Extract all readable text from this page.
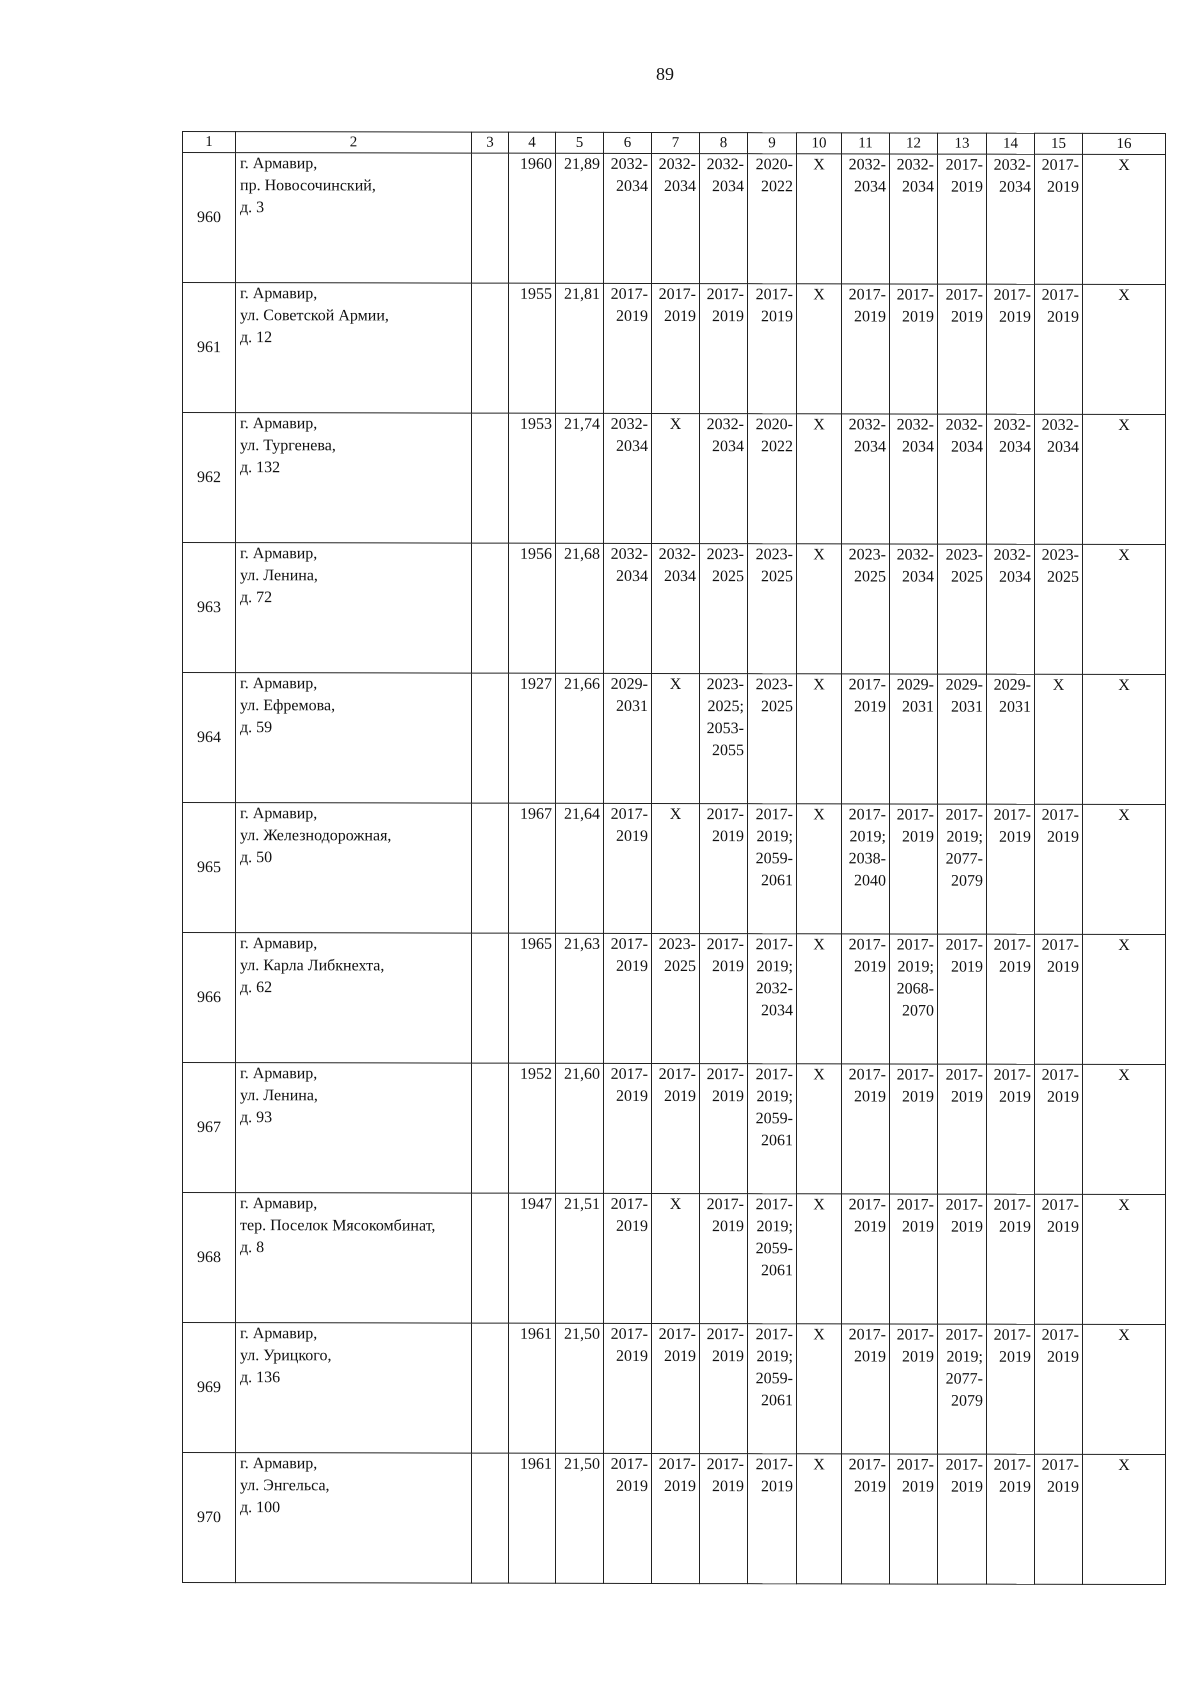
89
1	2	3	4	5	6	7	8	9	10	11	12	13	14	15	16
960	г. Армавир,
пр. Новосочинский,
д. 3		1960	21,89	2032-
2034	2032-
2034	2032-
2034	2020-
2022	Х	2032-
2034	2032-
2034	2017-
2019	2032-
2034	2017-
2019	Х

961	г. Армавир,
ул. Советской Армии,
д. 12		1955	21,81	2017-
2019	2017-
2019	2017-
2019	2017-
2019	Х	2017-
2019	2017-
2019	2017-
2019	2017-
2019	2017-
2019	Х

962	г. Армавир,
ул. Тургенева,
д. 132		1953	21,74	2032-
2034	Х	2032-
2034	2020-
2022	Х	2032-
2034	2032-
2034	2032-
2034	2032-
2034	2032-
2034	Х

963	г. Армавир,
ул. Ленина,
д. 72		1956	21,68	2032-
2034	2032-
2034	2023-
2025	2023-
2025	Х	2023-
2025	2032-
2034	2023-
2025	2032-
2034	2023-
2025	Х

964	г. Армавир,
ул. Ефремова,
д. 59		1927	21,66	2029-
2031	Х	2023-
2025;
2053-
2055	2023-
2025	Х	2017-
2019	2029-
2031	2029-
2031	2029-
2031	Х	Х

965	г. Армавир,
ул. Железнодорожная,
д. 50		1967	21,64	2017-
2019	Х	2017-
2019	2017-
2019;
2059-
2061	Х	2017-
2019;
2038-
2040	2017-
2019	2017-
2019;
2077-
2079	2017-
2019	2017-
2019	Х

966	г. Армавир,
ул. Карла Либкнехта,
д. 62		1965	21,63	2017-
2019	2023-
2025	2017-
2019	2017-
2019;
2032-
2034	Х	2017-
2019	2017-
2019;
2068-
2070	2017-
2019	2017-
2019	2017-
2019	Х

967	г. Армавир,
ул. Ленина,
д. 93		1952	21,60	2017-
2019	2017-
2019	2017-
2019	2017-
2019;
2059-
2061	Х	2017-
2019	2017-
2019	2017-
2019	2017-
2019	2017-
2019	Х

968	г. Армавир,
тер. Поселок Мясокомбинат,
д. 8		1947	21,51	2017-
2019	Х	2017-
2019	2017-
2019;
2059-
2061	Х	2017-
2019	2017-
2019	2017-
2019	2017-
2019	2017-
2019	Х

969	г. Армавир,
ул. Урицкого,
д. 136		1961	21,50	2017-
2019	2017-
2019	2017-
2019	2017-
2019;
2059-
2061	Х	2017-
2019	2017-
2019	2017-
2019;
2077-
2079	2017-
2019	2017-
2019	Х

970	г. Армавир,
ул. Энгельса,
д. 100		1961	21,50	2017-
2019	2017-
2019	2017-
2019	2017-
2019	Х	2017-
2019	2017-
2019	2017-
2019	2017-
2019	2017-
2019	Х
